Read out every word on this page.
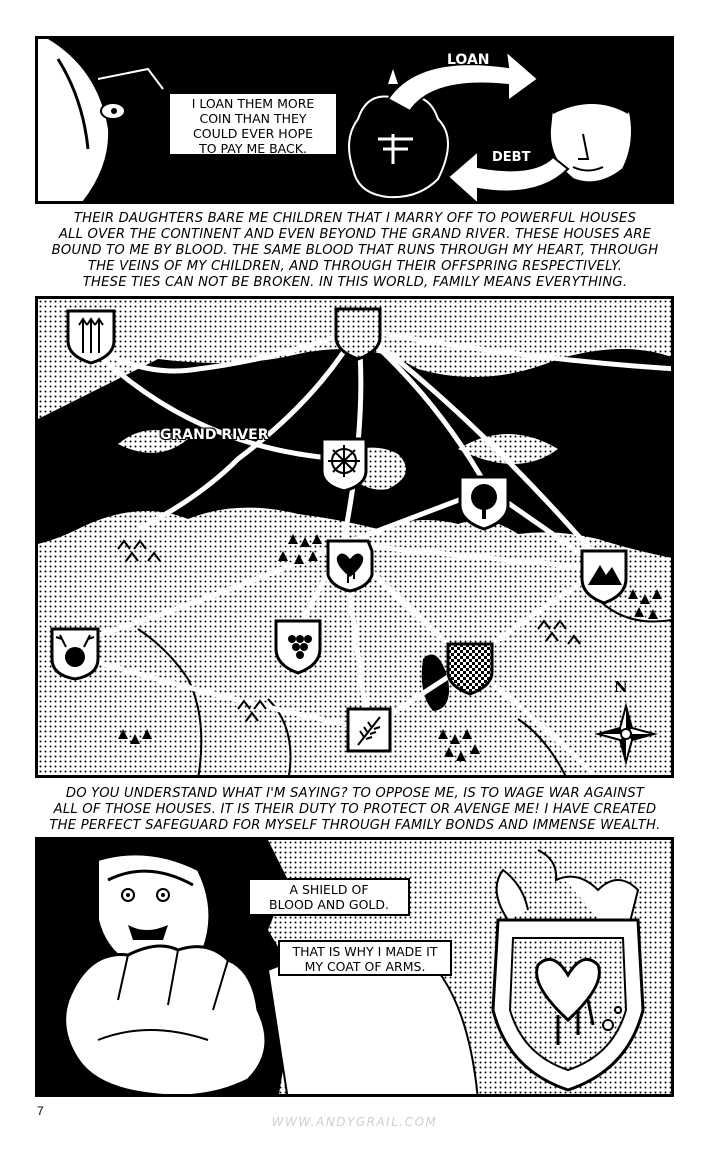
I LOAN THEM MORE
COIN THAN THEY
COULD EVER HOPE
TO PAY ME BACK.
LOAN
DEBT
THEIR DAUGHTERS BARE ME CHILDREN THAT I MARRY OFF TO POWERFUL HOUSES
ALL OVER THE CONTINENT AND EVEN BEYOND THE GRAND RIVER. THESE HOUSES ARE
BOUND TO ME BY BLOOD. THE SAME BLOOD THAT RUNS THROUGH MY HEART, THROUGH
THE VEINS OF MY CHILDREN, AND THROUGH THEIR OFFSPRING RESPECTIVELY.
THESE TIES CAN NOT BE BROKEN. IN THIS WORLD, FAMILY MEANS EVERYTHING.
GRAND RIVER
N
DO YOU UNDERSTAND WHAT I'M SAYING? TO OPPOSE ME, IS TO WAGE WAR AGAINST
ALL OF THOSE HOUSES. IT IS THEIR DUTY TO PROTECT OR AVENGE ME! I HAVE CREATED
THE PERFECT SAFEGUARD FOR MYSELF THROUGH FAMILY BONDS AND IMMENSE WEALTH.
A SHIELD OF
BLOOD AND GOLD.
THAT IS WHY I MADE IT
MY COAT OF ARMS.
7
WWW.ANDYGRAIL.COM
